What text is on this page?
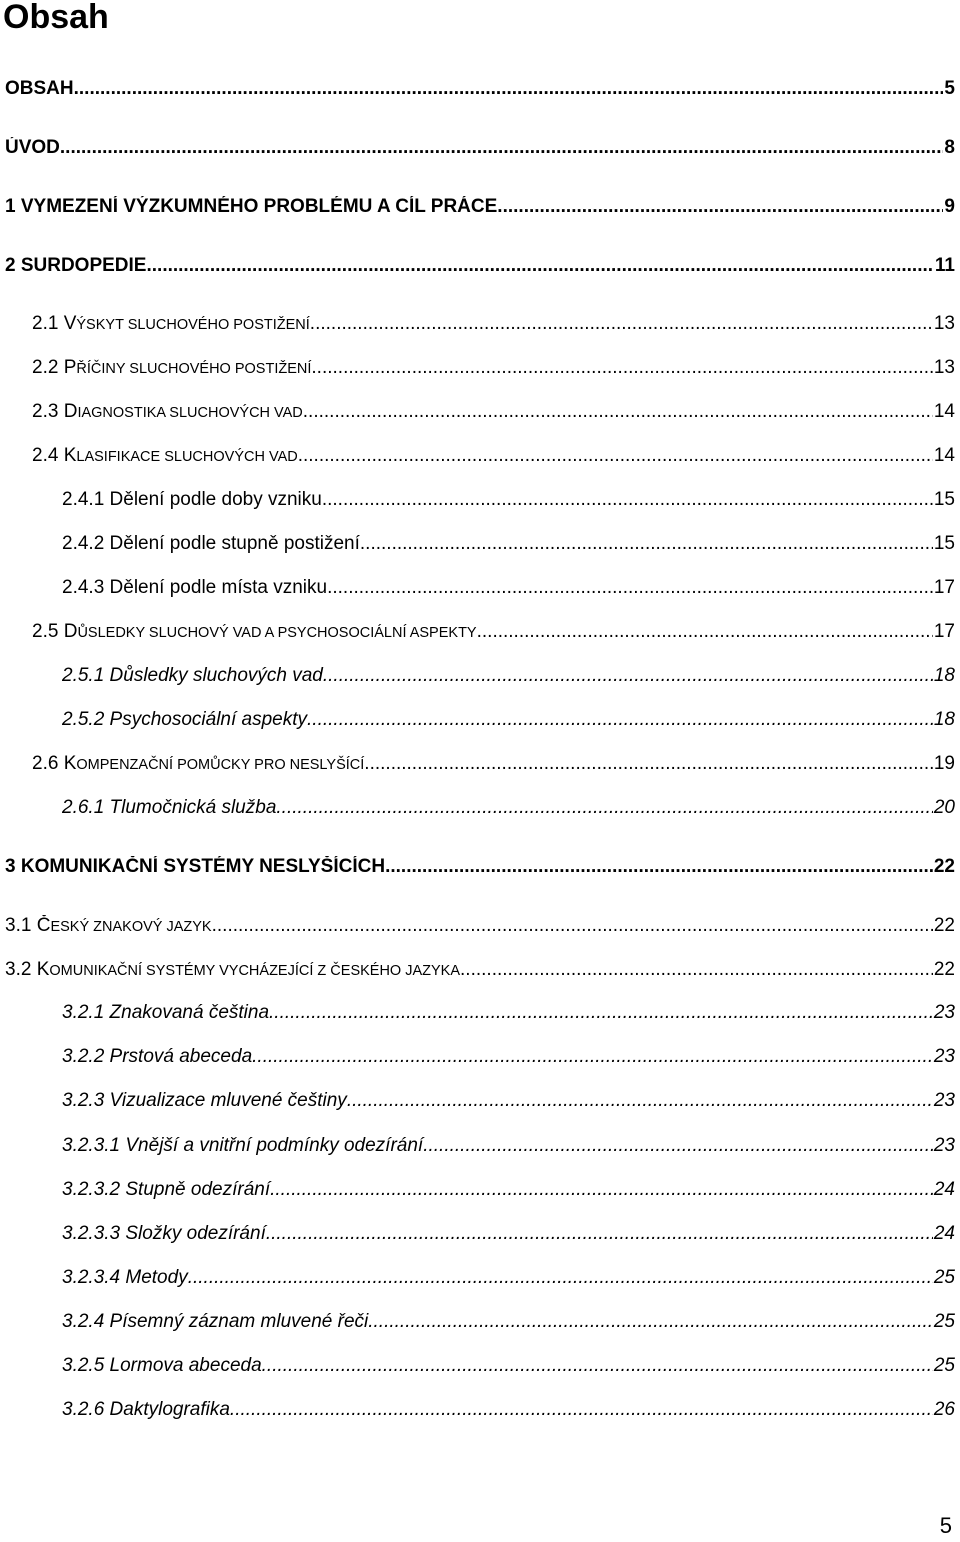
Obsah
OBSAH .....	5
ÚVOD .....	8
1 VYMEZENÍ VÝZKUMNÉHO PROBLÉMU A CÍL PRÁCE .....	9
2 SURDOPEDIE .....	11
2.1 VÝSKYT SLUCHOVÉHO POSTIŽENÍ .....	13
2.2 PŘÍČINY SLUCHOVÉHO POSTIŽENÍ .....	13
2.3 DIAGNOSTIKA SLUCHOVÝCH VAD .....	14
2.4 KLASIFIKACE SLUCHOVÝCH VAD .....	14
2.4.1 Dělení podle doby vzniku .....	15
2.4.2 Dělení podle stupně postižení .....	15
2.4.3 Dělení podle místa vzniku .....	17
2.5 DŮSLEDKY SLUCHOVÝ VAD A PSYCHOSOCIÁLNÍ ASPEKTY .....	17
2.5.1 Důsledky sluchových vad .....	18
2.5.2 Psychosociální aspekty .....	18
2.6 KOMPENZAČNÍ POMŮCKY PRO NESLYŠÍCÍ .....	19
2.6.1 Tlumočnická služba .....	20
3 KOMUNIKAČNÍ SYSTÉMY NESLYŠÍCÍCH .....	22
3.1 ČESKÝ ZNAKOVÝ JAZYK .....	22
3.2 KOMUNIKAČNÍ SYSTÉMY VYCHÁZEJÍCÍ Z ČESKÉHO JAZYKA .....	22
3.2.1 Znakovaná čeština .....	23
3.2.2 Prstová abeceda .....	23
3.2.3 Vizualizace mluvené češtiny .....	23
3.2.3.1 Vnější a vnitřní podmínky odezírání .....	23
3.2.3.2 Stupně odezírání .....	24
3.2.3.3 Složky odezírání .....	24
3.2.3.4 Metody .....	25
3.2.4 Písemný záznam mluvené řeči .....	25
3.2.5 Lormova abeceda .....	25
3.2.6 Daktylografika .....	26
5
